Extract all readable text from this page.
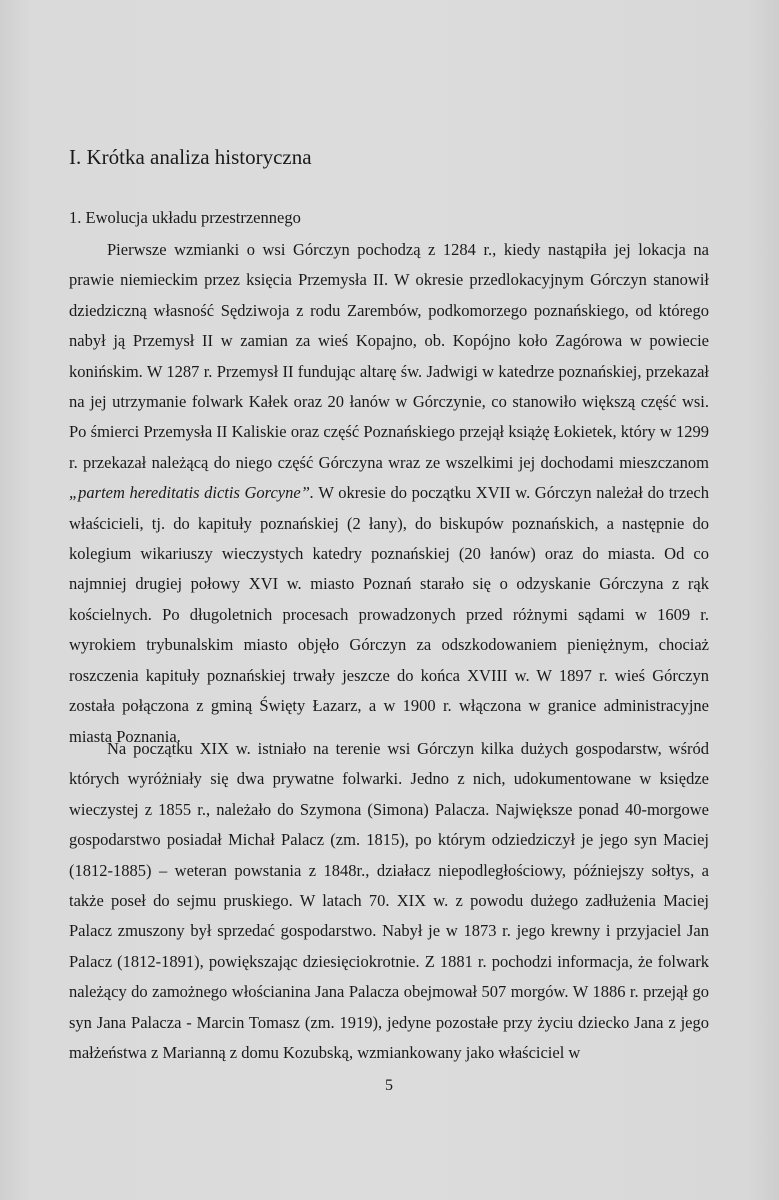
I. Krótka analiza historyczna
1. Ewolucja układu przestrzennego

Pierwsze wzmianki o wsi Górczyn pochodzą z 1284 r., kiedy nastąpiła jej lokacja na prawie niemieckim przez księcia Przemysła II. W okresie przedlokacyjnym Górczyn stanowił dziedziczną własność Sędziwoja z rodu Zarembów, podkomorzego poznańskiego, od którego nabył ją Przemysł II w zamian za wieś Kopajno, ob. Kopójno koło Zagórowa w powiecie konińskim. W 1287 r. Przemysł II fundując altarę św. Jadwigi w katedrze poznańskiej, przekazał na jej utrzymanie folwark Kałek oraz 20 łanów w Górczynie, co stanowiło większą część wsi. Po śmierci Przemysła II Kaliskie oraz część Poznańskiego przejął książę Łokietek, który w 1299 r. przekazał należącą do niego część Górczyna wraz ze wszelkimi jej dochodami mieszczanom „partem hereditatis dictis Gorcyne”. W okresie do początku XVII w. Górczyn należał do trzech właścicieli, tj. do kapituły poznańskiej (2 łany), do biskupów poznańskich, a następnie do kolegium wikariuszy wieczystych katedry poznańskiej (20 łanów) oraz do miasta. Od co najmniej drugiej połowy XVI w. miasto Poznań starało się o odzyskanie Górczyna z rąk kościelnych. Po długoletnich procesach prowadzonych przed różnymi sądami w 1609 r. wyrokiem trybunalskim miasto objęło Górczyn za odszkodowaniem pieniężnym, chociaż roszczenia kapituły poznańskiej trwały jeszcze do końca XVIII w. W 1897 r. wieś Górczyn została połączona z gminą Święty Łazarz, a w 1900 r. włączona w granice administracyjne miasta Poznania.

Na początku XIX w. istniało na terenie wsi Górczyn kilka dużych gospodarstw, wśród których wyróżniały się dwa prywatne folwarki. Jedno z nich, udokumentowane w księdze wieczystej z 1855 r., należało do Szymona (Simona) Palacza. Największe ponad 40-morgowe gospodarstwo posiadał Michał Palacz (zm. 1815), po którym odziedziczył je jego syn Maciej (1812-1885) – weteran powstania z 1848r., działacz niepodległościowy, późniejszy sołtys, a także poseł do sejmu pruskiego. W latach 70. XIX w. z powodu dużego zadłużenia Maciej Palacz zmuszony był sprzedać gospodarstwo. Nabył je w 1873 r. jego krewny i przyjaciel Jan Palacz (1812-1891), powiększając dziesięciokrotnie. Z 1881 r. pochodzi informacja, że folwark należący do zamożnego włościanina Jana Palacza obejmował 507 morgów. W 1886 r. przejął go syn Jana Palacza - Marcin Tomasz (zm. 1919), jedyne pozostałe przy życiu dziecko Jana z jego małżeństwa z Marianną z domu Kozubską, wzmiankowany jako właściciel w

5
